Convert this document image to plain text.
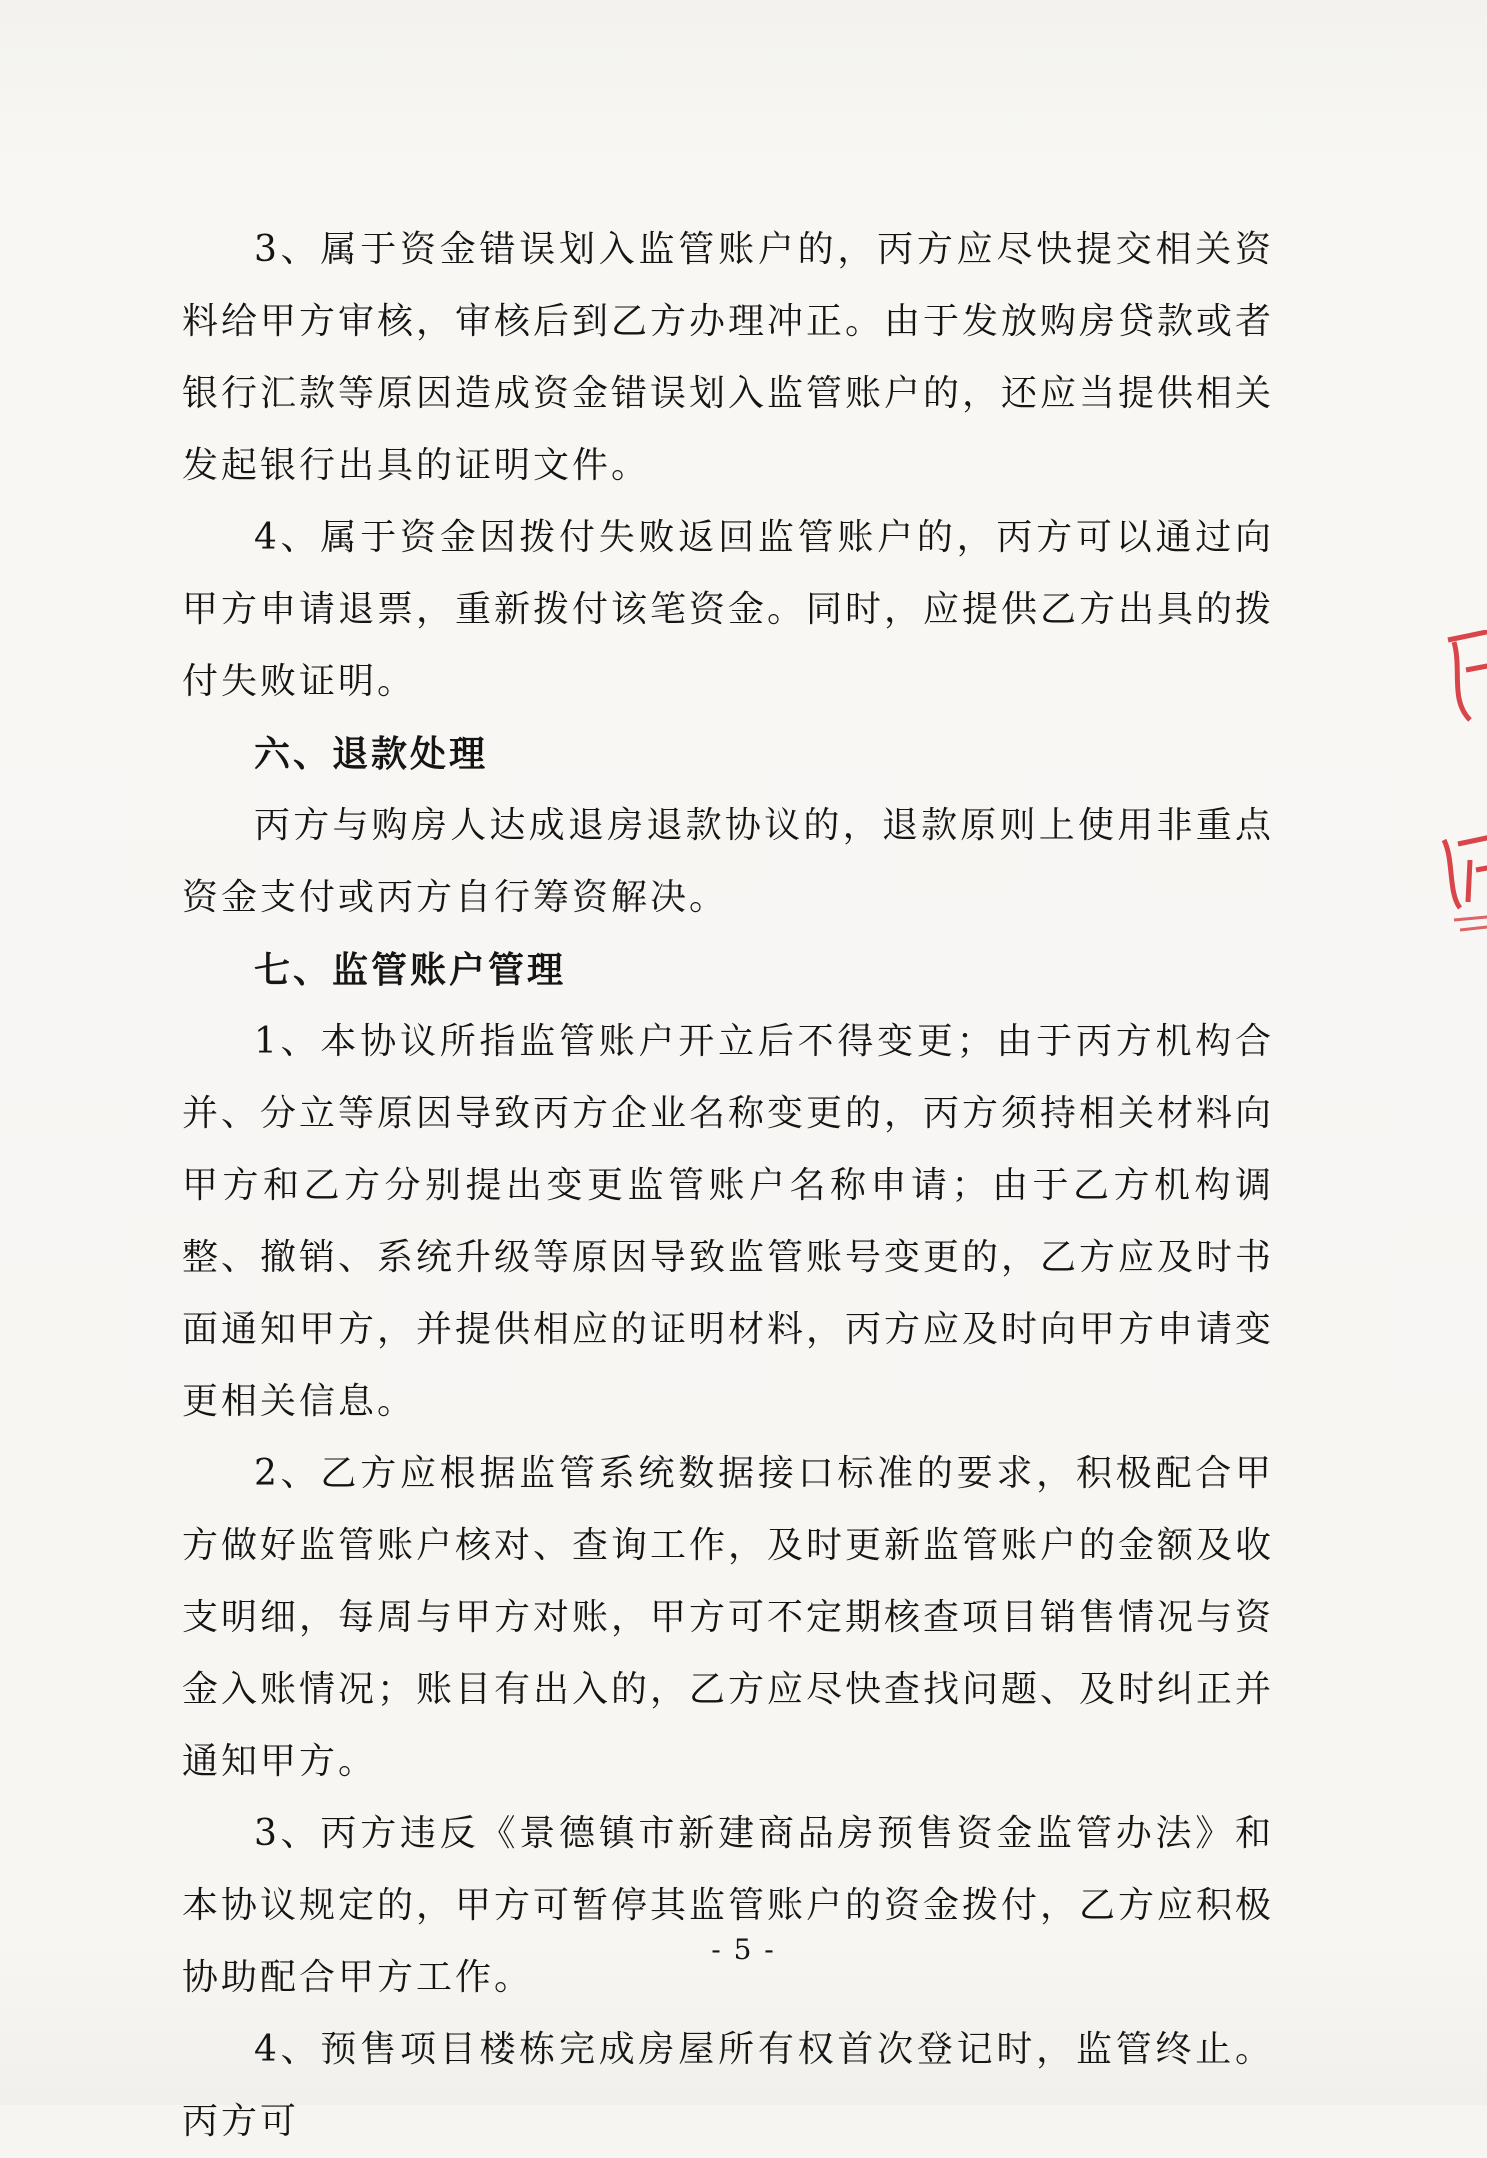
3、属于资金错误划入监管账户的，丙方应尽快提交相关资料给甲方审核，审核后到乙方办理冲正。由于发放购房贷款或者银行汇款等原因造成资金错误划入监管账户的，还应当提供相关发起银行出具的证明文件。

4、属于资金因拨付失败返回监管账户的，丙方可以通过向甲方申请退票，重新拨付该笔资金。同时，应提供乙方出具的拨付失败证明。

六、退款处理

丙方与购房人达成退房退款协议的，退款原则上使用非重点资金支付或丙方自行筹资解决。

七、监管账户管理

1、本协议所指监管账户开立后不得变更；由于丙方机构合并、分立等原因导致丙方企业名称变更的，丙方须持相关材料向甲方和乙方分别提出变更监管账户名称申请；由于乙方机构调整、撤销、系统升级等原因导致监管账号变更的，乙方应及时书面通知甲方，并提供相应的证明材料，丙方应及时向甲方申请变更相关信息。

2、乙方应根据监管系统数据接口标准的要求，积极配合甲方做好监管账户核对、查询工作，及时更新监管账户的金额及收支明细，每周与甲方对账，甲方可不定期核查项目销售情况与资金入账情况；账目有出入的，乙方应尽快查找问题、及时纠正并通知甲方。

3、丙方违反《景德镇市新建商品房预售资金监管办法》和本协议规定的，甲方可暂停其监管账户的资金拨付，乙方应积极协助配合甲方工作。

4、预售项目楼栋完成房屋所有权首次登记时，监管终止。丙方可

- 5 -
